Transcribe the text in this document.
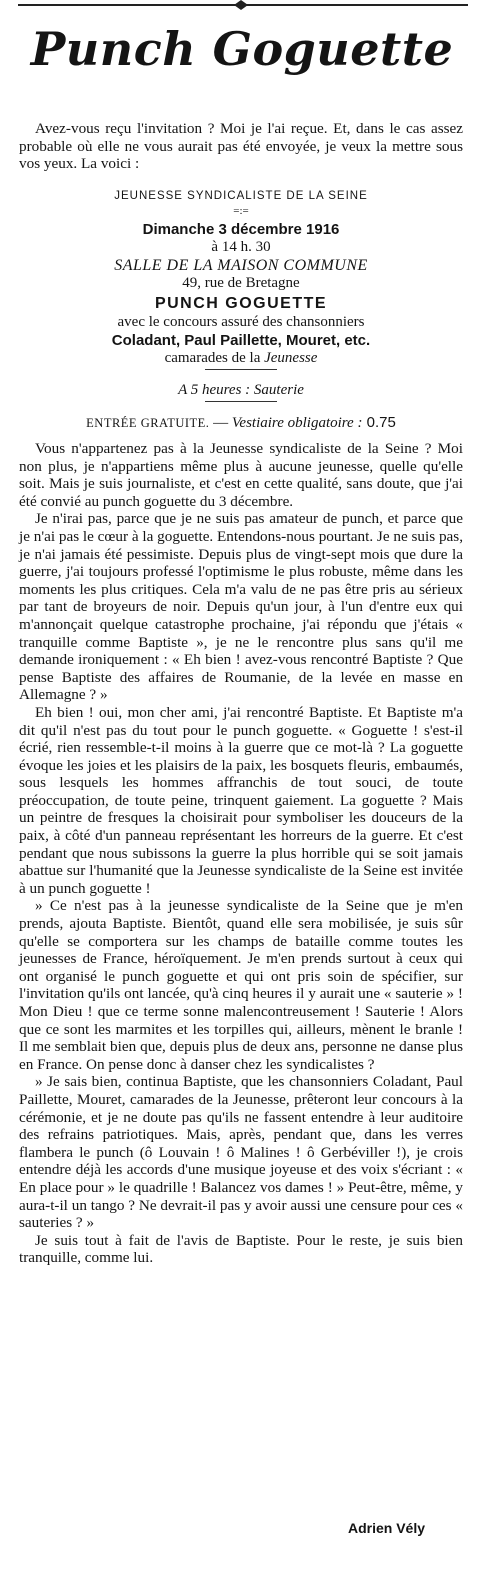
Punch Goguette

Avez-vous reçu l'invitation ? Moi je l'ai reçue. Et, dans le cas assez probable où elle ne vous aurait pas été envoyée, je veux la mettre sous vos yeux. La voici :

JEUNESSE SYNDICALISTE DE LA SEINE

=:=

Dimanche 3 décembre 1916

à 14 h. 30

SALLE DE LA MAISON COMMUNE

49, rue de Bretagne

PUNCH GOGUETTE

avec le concours assuré des chansonniers

Coladant, Paul Paillette, Mouret, etc.

camarades de la Jeunesse

A 5 heures : Sauterie

ENTRÉE GRATUITE. — Vestiaire obligatoire : 0.75

Vous n'appartenez pas à la Jeunesse syndicaliste de la Seine ? Moi non plus, je n'appartiens même plus à aucune jeunesse, quelle qu'elle soit. Mais je suis journaliste, et c'est en cette qualité, sans doute, que j'ai été convié au punch goguette du 3 décembre.

Je n'irai pas, parce que je ne suis pas amateur de punch, et parce que je n'ai pas le cœur à la goguette. Entendons-nous pourtant. Je ne suis pas, je n'ai jamais été pessimiste. Depuis plus de vingt-sept mois que dure la guerre, j'ai toujours professé l'optimisme le plus robuste, même dans les moments les plus critiques. Cela m'a valu de ne pas être pris au sérieux par tant de broyeurs de noir. Depuis qu'un jour, à l'un d'entre eux qui m'annonçait quelque catastrophe prochaine, j'ai répondu que j'étais « tranquille comme Baptiste », je ne le rencontre plus sans qu'il me demande ironiquement : « Eh bien ! avez-vous rencontré Baptiste ? Que pense Baptiste des affaires de Roumanie, de la levée en masse en Allemagne ? »

Eh bien ! oui, mon cher ami, j'ai rencontré Baptiste. Et Baptiste m'a dit qu'il n'est pas du tout pour le punch goguette. « Goguette ! s'est-il écrié, rien ressemble-t-il moins à la guerre que ce mot-là ? La goguette évoque les joies et les plaisirs de la paix, les bosquets fleuris, embaumés, sous lesquels les hommes affranchis de tout souci, de toute préoccupation, de toute peine, trinquent gaiement. La goguette ? Mais un peintre de fresques la choisirait pour symboliser les douceurs de la paix, à côté d'un panneau représentant les horreurs de la guerre. Et c'est pendant que nous subissons la guerre la plus horrible qui se soit jamais abattue sur l'humanité que la Jeunesse syndicaliste de la Seine est invitée à un punch goguette !

» Ce n'est pas à la jeunesse syndicaliste de la Seine que je m'en prends, ajouta Baptiste. Bientôt, quand elle sera mobilisée, je suis sûr qu'elle se comportera sur les champs de bataille comme toutes les jeunesses de France, héroïquement. Je m'en prends surtout à ceux qui ont organisé le punch goguette et qui ont pris soin de spécifier, sur l'invitation qu'ils ont lancée, qu'à cinq heures il y aurait une « sauterie » ! Mon Dieu ! que ce terme sonne malencontreusement ! Sauterie ! Alors que ce sont les marmites et les torpilles qui, ailleurs, mènent le branle ! Il me semblait bien que, depuis plus de deux ans, personne ne danse plus en France. On pense donc à danser chez les syndicalistes ?

» Je sais bien, continua Baptiste, que les chansonniers Coladant, Paul Paillette, Mouret, camarades de la Jeunesse, prêteront leur concours à la cérémonie, et je ne doute pas qu'ils ne fassent entendre à leur auditoire des refrains patriotiques. Mais, après, pendant que, dans les verres flambera le punch (ô Louvain ! ô Malines ! ô Gerbéviller !), je crois entendre déjà les accords d'une musique joyeuse et des voix s'écriant : « En place pour » le quadrille ! Balancez vos dames ! » Peut-être, même, y aura-t-il un tango ? Ne devrait-il pas y avoir aussi une censure pour ces « sauteries ? »

Je suis tout à fait de l'avis de Baptiste. Pour le reste, je suis bien tranquille, comme lui.

Adrien Vély
